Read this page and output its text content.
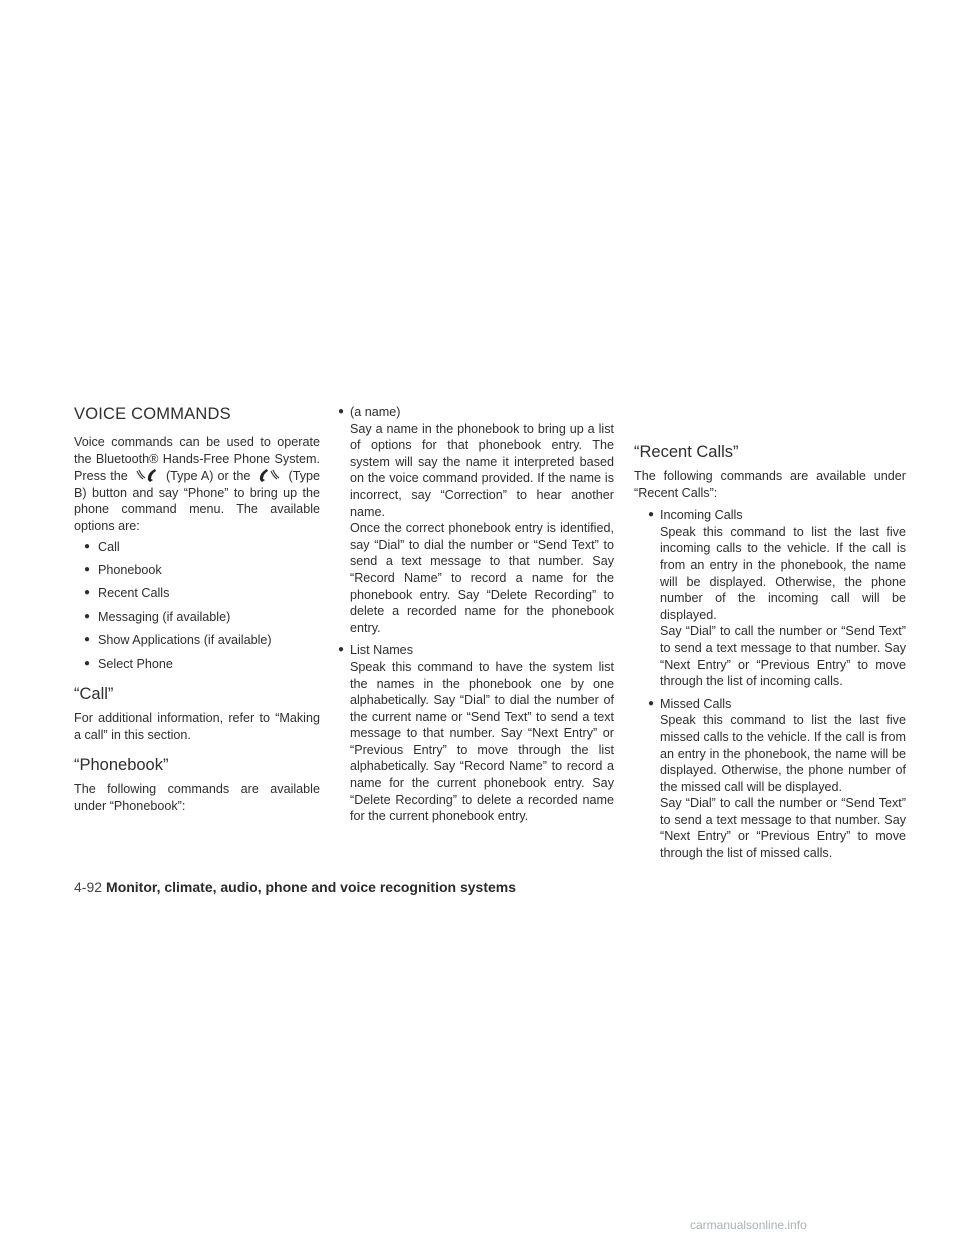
VOICE COMMANDS

Voice commands can be used to operate the Bluetooth® Hands-Free Phone System. Press the	(Type A) or the	(Type B) button and say “Phone” to bring up the phone command menu. The available options are:

● Call
● Phonebook
● Recent Calls
● Messaging (if available)
● Show Applications (if available)
● Select Phone
“Call”

For additional information, refer to “Making a call” in this section.

“Phonebook”

The following commands are available under “Phonebook”:

● (a name)
Say a name in the phonebook to bring up a list of options for that phonebook entry. The system will say the name it interpreted based on the voice command provided. If the name is incorrect, say “Correction” to hear another name.
Once the correct phonebook entry is identified, say “Dial” to dial the number or “Send Text” to send a text message to that number. Say “Record Name” to record a name for the phonebook entry. Say “Delete Recording” to delete a recorded name for the phonebook entry.
● List Names
Speak this command to have the system list the names in the phonebook one by one alphabetically. Say “Dial” to dial the number of the current name or “Send Text” to send a text message to that number. Say “Next Entry” or “Previous Entry” to move through the list alphabetically. Say “Record Name” to record a name for the current phonebook entry. Say “Delete Recording” to delete a recorded name for the current phonebook entry.
“Recent Calls”

The following commands are available under “Recent Calls”:

● Incoming Calls
Speak this command to list the last five incoming calls to the vehicle. If the call is from an entry in the phonebook, the name will be displayed. Otherwise, the phone number of the incoming call will be displayed.
Say “Dial” to call the number or “Send Text” to send a text message to that number. Say “Next Entry” or “Previous Entry” to move through the list of incoming calls.
● Missed Calls
Speak this command to list the last five missed calls to the vehicle. If the call is from an entry in the phonebook, the name will be displayed. Otherwise, the phone number of the missed call will be displayed.
Say “Dial” to call the number or “Send Text” to send a text message to that number. Say “Next Entry” or “Previous Entry” to move through the list of missed calls.
4-92 Monitor, climate, audio, phone and voice recognition systems
carmanualsonline.info
